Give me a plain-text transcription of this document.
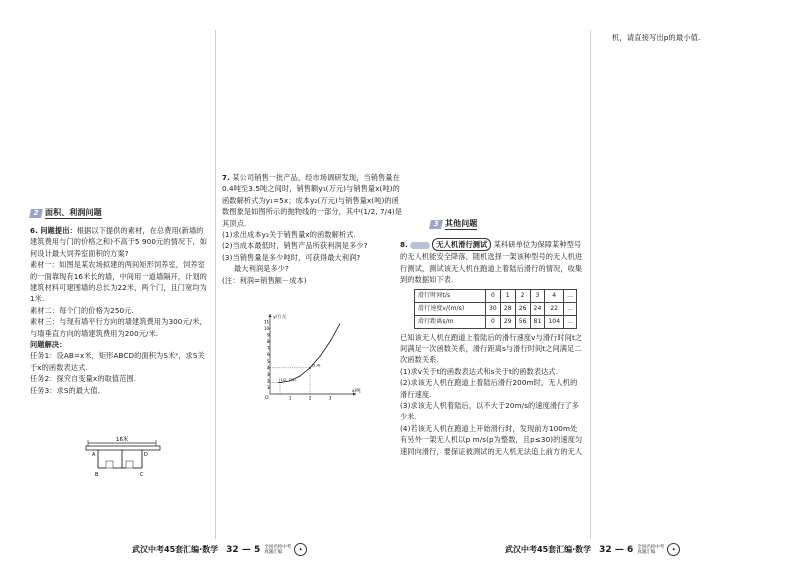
机，请直接写出p的最小值.
2 面积、利润问题

6. 问题提出：根据以下提供的素材，在总费用(新墙的建筑费用与门的价格之和)不高于5 900元的情况下，如何设计最大饲养室面积的方案?

素材一：如图是某农场拟建的两间矩形饲养室，饲养室的一面靠现有16米长的墙，中间用一道墙隔开，计划的建筑材料可建围墙的总长为22米，两个门，且门宽均为1米.

素材二：每个门的价格为250元.

素材三：与现有墙平行方向的墙建筑费用为300元/米，与墙垂直方向的墙建筑费用为200元/米.

问题解决：

任务1：设AB=x米，矩形ABCD的面积为S米²，求S关于x的函数表达式.

任务2：探究自变量x的取值范围.

任务3：求S的最大值.

16米
A	D
B	C

7. 某公司销售一批产品，经市场调研发现，当销售量在0.4吨至3.5吨之间时，销售额y₁(万元)与销售量x(吨)的函数解析式为y₁=5x；成本y₂(万元)与销售量x(吨)的函数图象是如图所示的抛物线的一部分，其中(1/2, 7/4)是其顶点.

(1)求出成本y₂关于销售量x的函数解析式.

(2)当成本最低时，销售产品所获利润是多少?

(3)当销售量是多少吨时，可获得最大利润?

最大利润是多少?

(注：利润=销售额－成本)

x/吨
y/万元
O	1	2	3
1
2
3
4
5
6
7
8
9
10
11
(1/2, 7/4)
(2,4)
3 其他问题

8.	无人机滑行测试 某科研单位为保障某种型号的无人机能安全降落，随机选择一架该种型号的无人机进行测试，测试该无人机在跑道上着陆后滑行的情况，收集到的数据如下表.

滑行时间t/s	0	1	2	3	4	…
滑行速度v/(m/s)	30	28	26	24	22	…
滑行距离s/m	0	29	56	81	104	…

已知该无人机在跑道上着陆后的滑行速度v与滑行时间t之间满足一次函数关系，滑行距离s与滑行时间t之间满足二次函数关系.

(1)求v关于t的函数表达式和s关于t的函数表达式.

(2)求该无人机在跑道上着陆后滑行200m时，无人机的滑行速度.

(3)求该无人机着陆后，以不大于20m/s的速度滑行了多少米.

(4)若该无人机在跑道上开始滑行时，发现前方100m处有另外一架无人机以p m/s(p为整数，且p≤30)的速度匀速同向滑行，要保证被测试的无人机无法追上前方的无人

武汉中考45套汇编·数学 32 — 5 全国名校中考真题汇编	✦	武汉中考45套汇编·数学 32 — 6 全国名校中考真题汇编	✦
